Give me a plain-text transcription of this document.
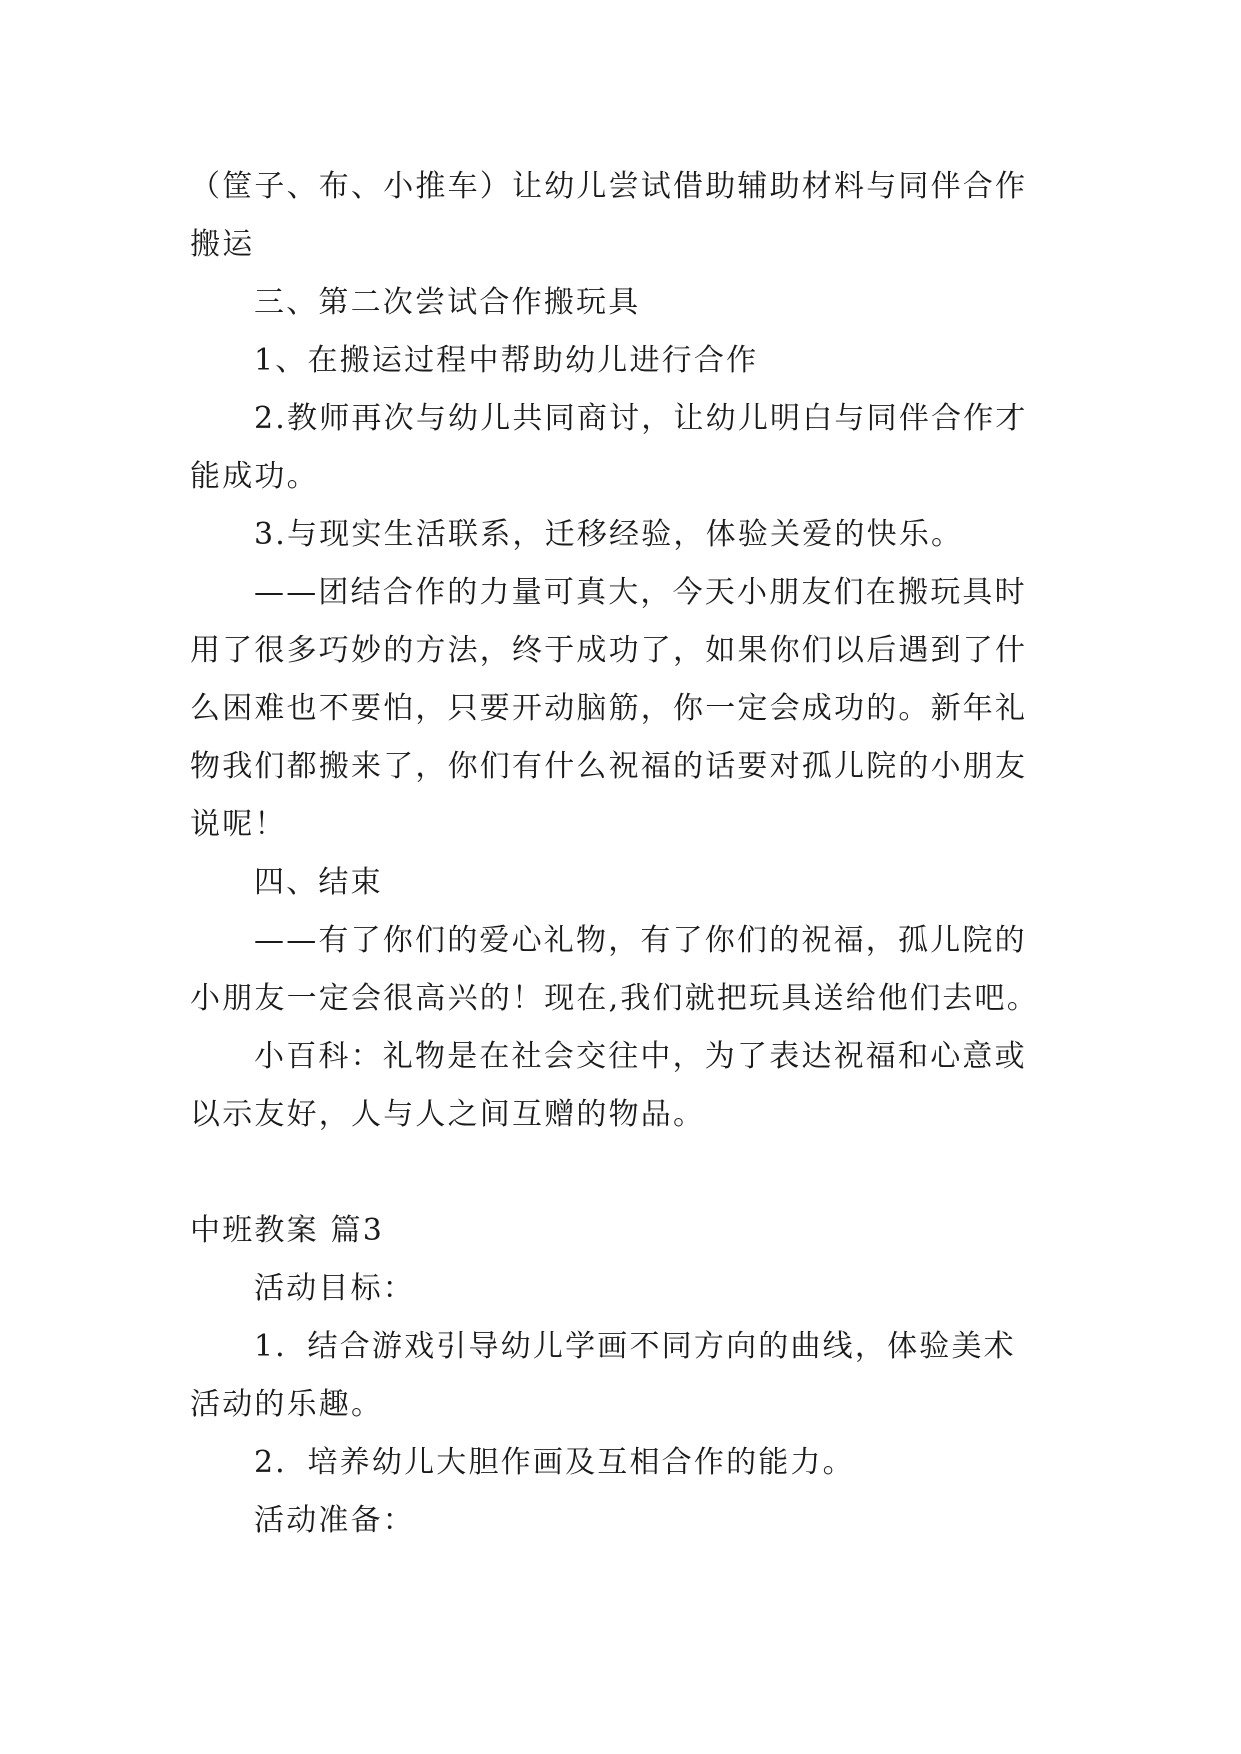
（筐子、布、小推车）让幼儿尝试借助辅助材料与同伴合作
搬运
三、第二次尝试合作搬玩具
1、在搬运过程中帮助幼儿进行合作
2.教师再次与幼儿共同商讨，让幼儿明白与同伴合作才
能成功。
3.与现实生活联系，迁移经验，体验关爱的快乐。
——团结合作的力量可真大，今天小朋友们在搬玩具时
用了很多巧妙的方法，终于成功了，如果你们以后遇到了什
么困难也不要怕，只要开动脑筋，你一定会成功的。新年礼
物我们都搬来了，你们有什么祝福的话要对孤儿院的小朋友
说呢！
四、结束
——有了你们的爱心礼物，有了你们的祝福，孤儿院的
小朋友一定会很高兴的！现在,我们就把玩具送给他们去吧。
小百科：礼物是在社会交往中，为了表达祝福和心意或
以示友好，人与人之间互赠的物品。
中班教案 篇3
活动目标：
1．结合游戏引导幼儿学画不同方向的曲线，体验美术
活动的乐趣。
2．培养幼儿大胆作画及互相合作的能力。
活动准备：
